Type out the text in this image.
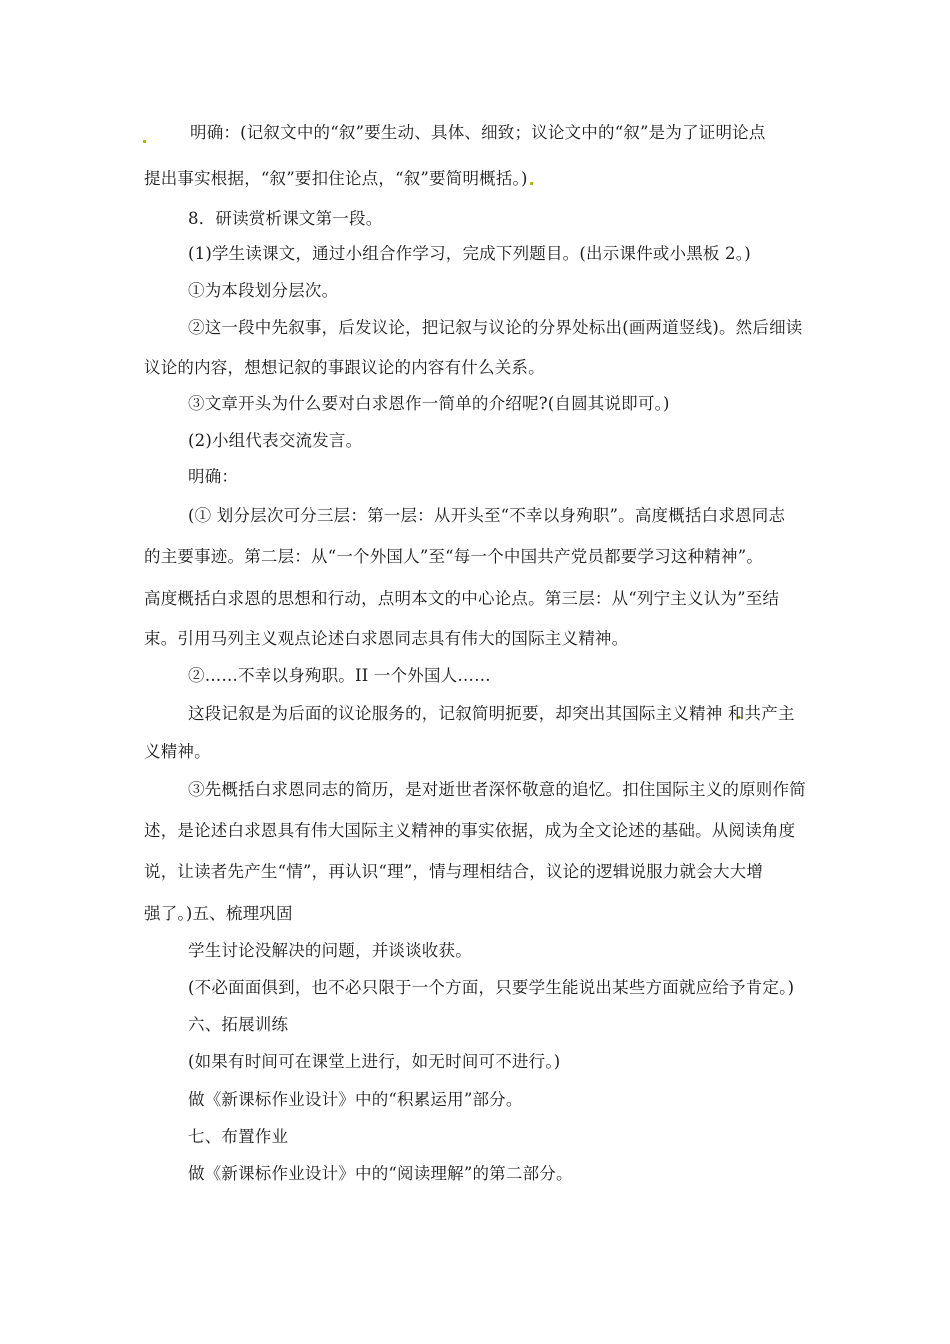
明确：(记叙文中的“叙”要生动、具体、细致；议论文中的“叙”是为了证明论点
提出事实根据，“叙”要扣住论点，“叙”要简明概括。)
8．研读赏析课文第一段。
(1)学生读课文，通过小组合作学习，完成下列题目。(出示课件或小黑板 2。)
①为本段划分层次。
②这一段中先叙事，后发议论，把记叙与议论的分界处标出(画两道竖线)。然后细读
议论的内容，想想记叙的事跟议论的内容有什么关系。
③文章开头为什么要对白求恩作一简单的介绍呢?(自圆其说即可。)
(2)小组代表交流发言。
明确：
(① 划分层次可分三层：第一层：从开头至“不幸以身殉职”。高度概括白求恩同志
的主要事迹。第二层：从“一个外国人”至“每一个中国共产党员都要学习这种精神”。
高度概括白求恩的思想和行动，点明本文的中心论点。第三层：从“列宁主义认为”至结
束。引用马列主义观点论述白求恩同志具有伟大的国际主义精神。
②……不幸以身殉职。II 一个外国人……
这段记叙是为后面的议论服务的，记叙简明扼要，却突出其国际主义精神 和共产主
义精神。
③先概括白求恩同志的简历，是对逝世者深怀敬意的追忆。扣住国际主义的原则作简
述，是论述白求恩具有伟大国际主义精神的事实依据，成为全文论述的基础。从阅读角度
说，让读者先产生“情”，再认识“理”，情与理相结合，议论的逻辑说服力就会大大增
强了。)五、梳理巩固
学生讨论没解决的问题，并谈谈收获。
(不必面面俱到，也不必只限于一个方面，只要学生能说出某些方面就应给予肯定。)
六、拓展训练
(如果有时间可在课堂上进行，如无时间可不进行。)
做《新课标作业设计》中的“积累运用”部分。
七、布置作业
做《新课标作业设计》中的“阅读理解”的第二部分。
